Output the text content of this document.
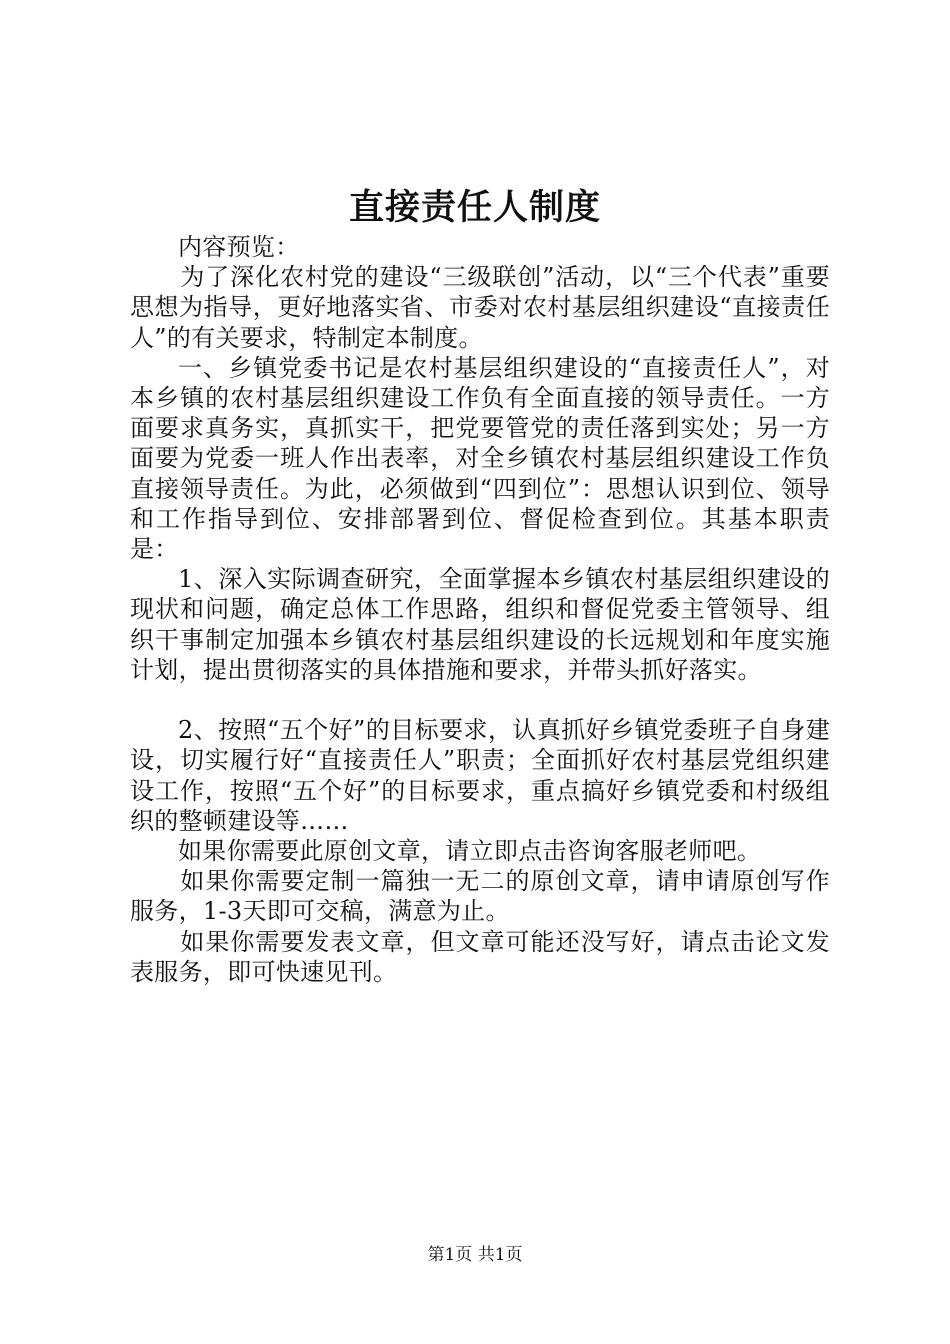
直接责任人制度

内容预览：

为了深化农村党的建设“三级联创”活动，以“三个代表”重要思想为指导，更好地落实省、市委对农村基层组织建设“直接责任人”的有关要求，特制定本制度。

一、乡镇党委书记是农村基层组织建设的“直接责任人”，对本乡镇的农村基层组织建设工作负有全面直接的领导责任。一方面要求真务实，真抓实干，把党要管党的责任落到实处；另一方面要为党委一班人作出表率，对全乡镇农村基层组织建设工作负直接领导责任。为此，必须做到“四到位”：思想认识到位、领导和工作指导到位、安排部署到位、督促检查到位。其基本职责是：

1、深入实际调查研究，全面掌握本乡镇农村基层组织建设的现状和问题，确定总体工作思路，组织和督促党委主管领导、组织干事制定加强本乡镇农村基层组织建设的长远规划和年度实施计划，提出贯彻落实的具体措施和要求，并带头抓好落实。

2、按照“五个好”的目标要求，认真抓好乡镇党委班子自身建设，切实履行好“直接责任人”职责；全面抓好农村基层党组织建设工作，按照“五个好”的目标要求，重点搞好乡镇党委和村级组织的整顿建设等……

如果你需要此原创文章，请立即点击咨询客服老师吧。

如果你需要定制一篇独一无二的原创文章，请申请原创写作服务，1-3天即可交稿，满意为止。

如果你需要发表文章，但文章可能还没写好，请点击论文发表服务，即可快速见刊。

第1页 共1页
